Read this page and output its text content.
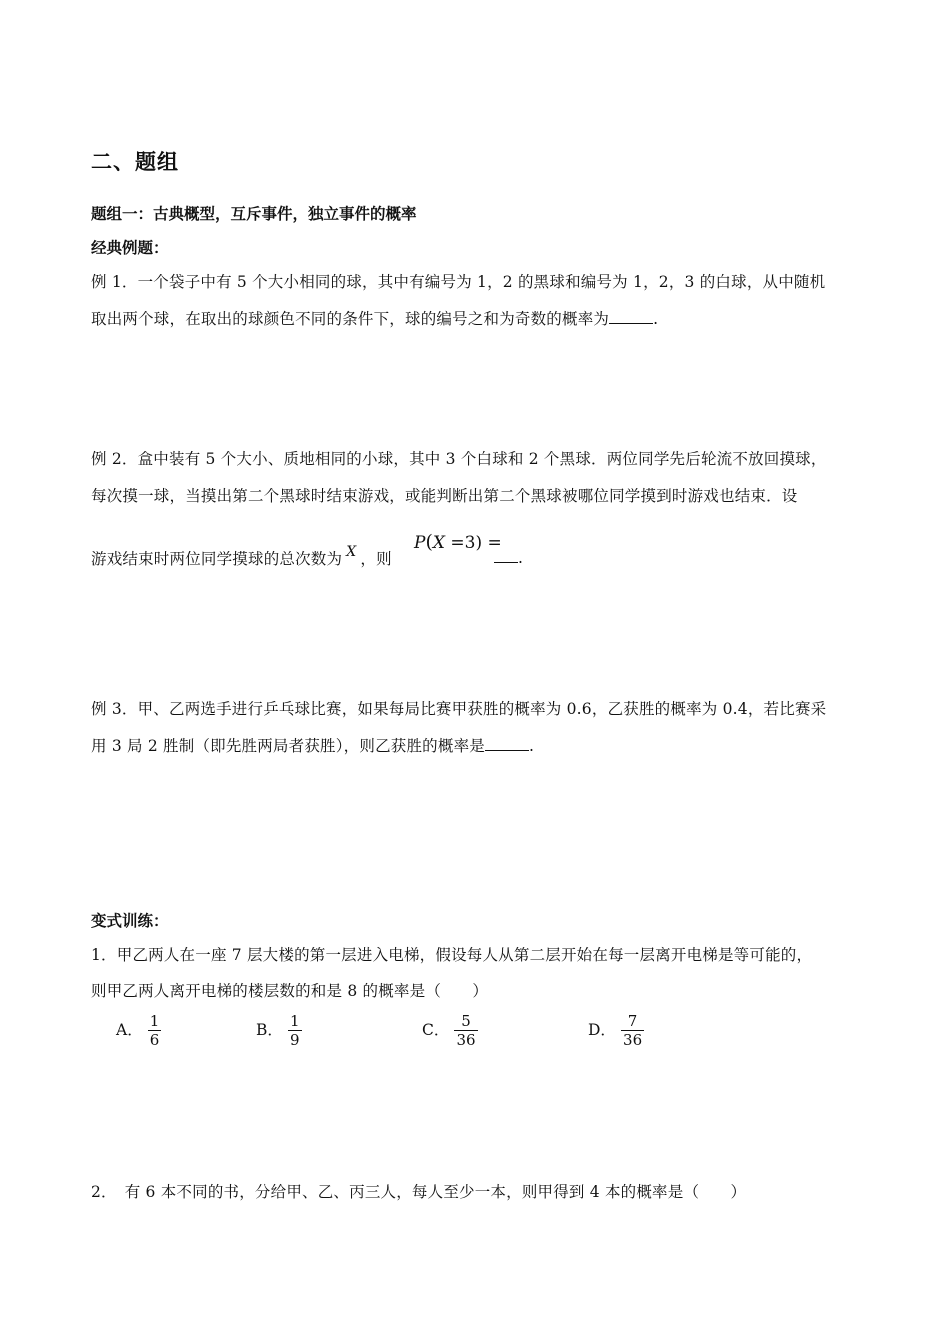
二、题组
题组一：古典概型，互斥事件，独立事件的概率
经典例题：
例 1．一个袋子中有 5 个大小相同的球，其中有编号为 1，2 的黑球和编号为 1，2，3 的白球，从中随机
取出两个球，在取出的球颜色不同的条件下，球的编号之和为奇数的概率为	.
例 2．盒中装有 5 个大小、质地相同的小球，其中 3 个白球和 2 个黑球．两位同学先后轮流不放回摸球，
每次摸一球，当摸出第二个黑球时结束游戏，或能判断出第二个黑球被哪位同学摸到时游戏也结束．设
游戏结束时两位同学摸球的总次数为 X ，则
P(X =3) =
.
例 3．甲、乙两选手进行乒乓球比赛，如果每局比赛甲获胜的概率为 0.6，乙获胜的概率为 0.4，若比赛采
用 3 局 2 胜制（即先胜两局者获胜），则乙获胜的概率是	.
变式训练：
1．甲乙两人在一座 7 层大楼的第一层进入电梯，假设每人从第二层开始在每一层离开电梯是等可能的，
则甲乙两人离开电梯的楼层数的和是 8 的概率是（　　）
A． $\frac{1}{6}$	B． $\frac{1}{9}$	C． $\frac{5}{36}$	D． $\frac{7}{36}$
2．　有 6 本不同的书，分给甲、乙、丙三人，每人至少一本，则甲得到 4 本的概率是（　　）
